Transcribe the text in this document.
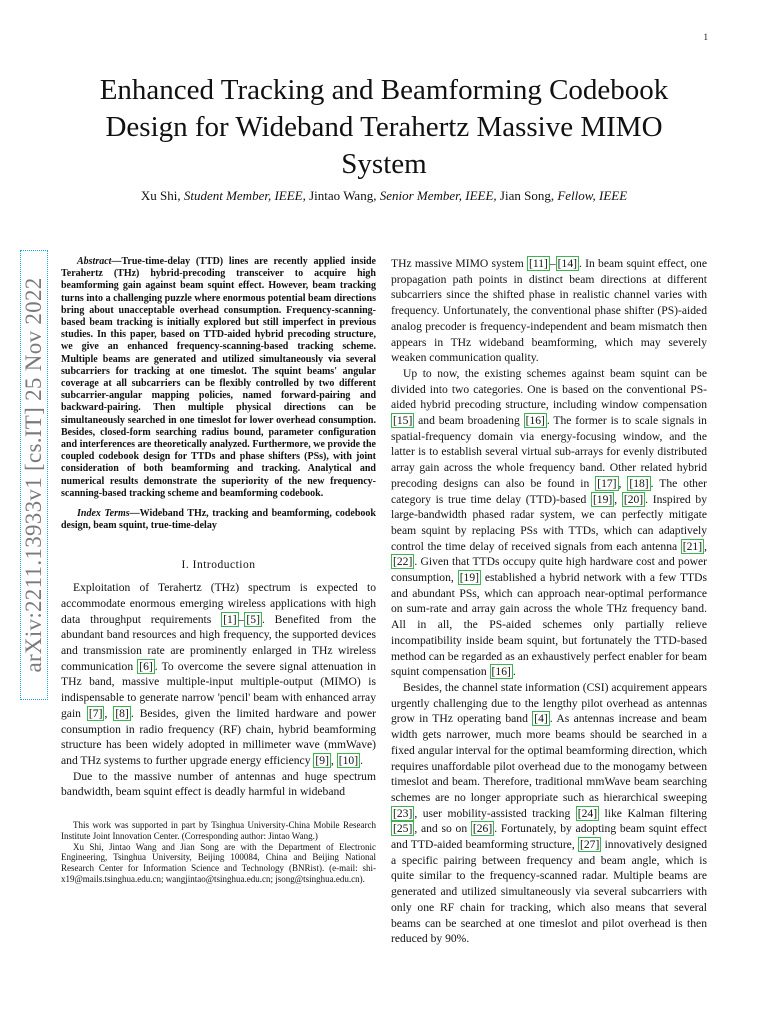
1
Enhanced Tracking and Beamforming Codebook Design for Wideband Terahertz Massive MIMO System
Xu Shi, Student Member, IEEE, Jintao Wang, Senior Member, IEEE, Jian Song, Fellow, IEEE
arXiv:2211.13933v1 [cs.IT] 25 Nov 2022

Abstract—True-time-delay (TTD) lines are recently applied inside Terahertz (THz) hybrid-precoding transceiver to acquire high beamforming gain against beam squint effect. However, beam tracking turns into a challenging puzzle where enormous potential beam directions bring about unacceptable overhead consumption. Frequency-scanning-based beam tracking is initially explored but still imperfect in previous studies. In this paper, based on TTD-aided hybrid precoding structure, we give an enhanced frequency-scanning-based tracking scheme. Multiple beams are generated and utilized simultaneously via several subcarriers for tracking at one timeslot. The squint beams' angular coverage at all subcarriers can be flexibly controlled by two different subcarrier-angular mapping policies, named forward-pairing and backward-pairing. Then multiple physical directions can be simultaneously searched in one timeslot for lower overhead consumption. Besides, closed-form searching radius bound, parameter configuration and interferences are theoretically analyzed. Furthermore, we provide the coupled codebook design for TTDs and phase shifters (PSs), with joint consideration of both beamforming and tracking. Analytical and numerical results demonstrate the superiority of the new frequency-scanning-based tracking scheme and beamforming codebook.

Index Terms—Wideband THz, tracking and beamforming, codebook design, beam squint, true-time-delay

I. Introduction

Exploitation of Terahertz (THz) spectrum is expected to accommodate enormous emerging wireless applications with high data throughput requirements [1] – [5] . Benefited from the abundant band resources and high frequency, the supported devices and transmission rate are prominently enlarged in THz wireless communication [6] . To overcome the severe signal attenuation in THz band, massive multiple-input multiple-output (MIMO) is indispensable to generate narrow 'pencil' beam with enhanced array gain [7] , [8] . Besides, given the limited hardware and power consumption in radio frequency (RF) chain, hybrid beamforming structure has been widely adopted in millimeter wave (mmWave) and THz systems to further upgrade energy efficiency [9] , [10] .

Due to the massive number of antennas and huge spectrum bandwidth, beam squint effect is deadly harmful in wideband

This work was supported in part by Tsinghua University-China Mobile Research Institute Joint Innovation Center. (Corresponding author: Jintao Wang.)

Xu Shi, Jintao Wang and Jian Song are with the Department of Electronic Engineering, Tsinghua University, Beijing 100084, China and Beijing National Research Center for Information Science and Technology (BNRist). (e-mail: shi-x19@mails.tsinghua.edu.cn; wangjintao@tsinghua.edu.cn; jsong@tsinghua.edu.cn).

THz massive MIMO system [11] – [14] . In beam squint effect, one propagation path points in distinct beam directions at different subcarriers since the shifted phase in realistic channel varies with frequency. Unfortunately, the conventional phase shifter (PS)-aided analog precoder is frequency-independent and beam mismatch then appears in THz wideband beamforming, which may severely weaken communication quality.

Up to now, the existing schemes against beam squint can be divided into two categories. One is based on the conventional PS-aided hybrid precoding structure, including window compensation [15] and beam broadening [16] . The former is to scale signals in spatial-frequency domain via energy-focusing window, and the latter is to establish several virtual sub-arrays for evenly distributed array gain across the whole frequency band. Other related hybrid precoding designs can also be found in [17] , [18] . The other category is true time delay (TTD)-based [19] , [20] . Inspired by large-bandwidth phased radar system, we can perfectly mitigate beam squint by replacing PSs with TTDs, which can adaptively control the time delay of received signals from each antenna [21] , [22] . Given that TTDs occupy quite high hardware cost and power consumption, [19] established a hybrid network with a few TTDs and abundant PSs, which can approach near-optimal performance on sum-rate and array gain across the whole THz frequency band. All in all, the PS-aided schemes only partially relieve incompatibility inside beam squint, but fortunately the TTD-based method can be regarded as an exhaustively perfect enabler for beam squint compensation [16] .

Besides, the channel state information (CSI) acquirement appears urgently challenging due to the lengthy pilot overhead as antennas grow in THz operating band [4] . As antennas increase and beam width gets narrower, much more beams should be searched in a fixed angular interval for the optimal beamforming direction, which requires unaffordable pilot overhead due to the monogamy between timeslot and beam. Therefore, traditional mmWave beam searching schemes are no longer appropriate such as hierarchical sweeping [23] , user mobility-assisted tracking [24] like Kalman filtering [25] , and so on [26] . Fortunately, by adopting beam squint effect and TTD-aided beamforming structure, [27] innovatively designed a specific pairing between frequency and beam angle, which is quite similar to the frequency-scanned radar. Multiple beams are generated and utilized simultaneously via several subcarriers with only one RF chain for tracking, which also means that several beams can be searched at one timeslot and pilot overhead is then reduced by 90%.
